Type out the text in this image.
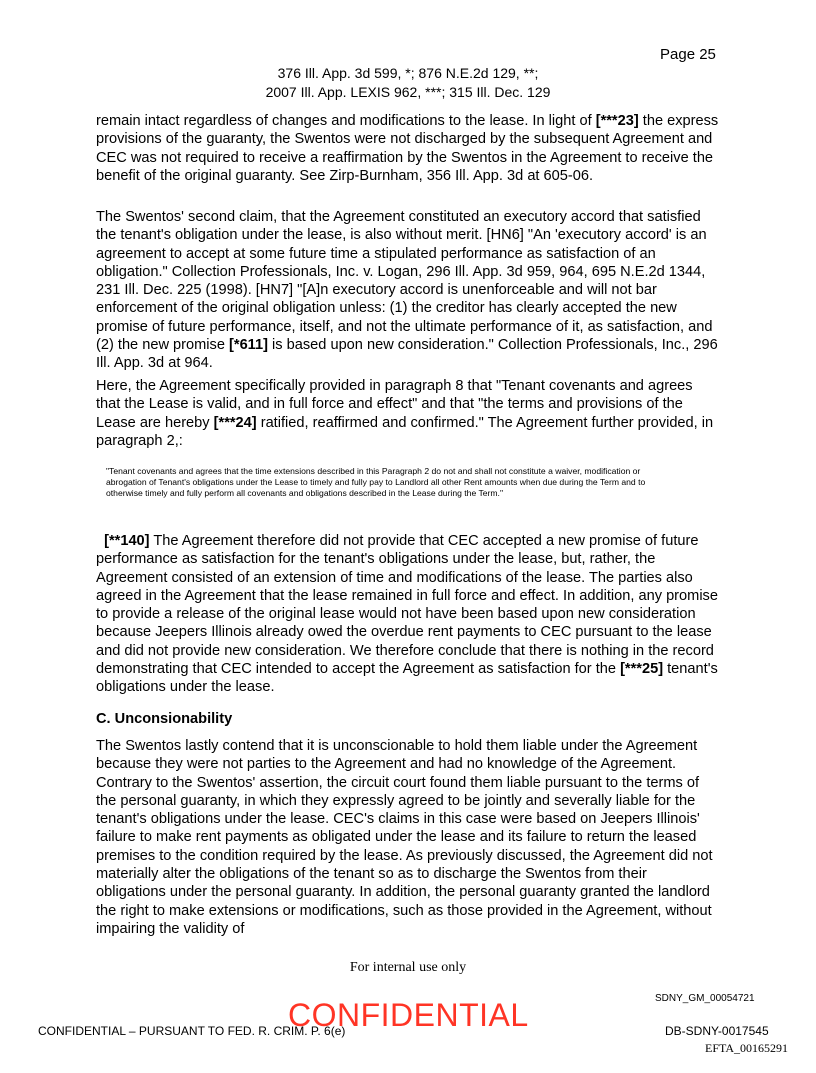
Page 25
376 Ill. App. 3d 599, *; 876 N.E.2d 129, **;
2007 Ill. App. LEXIS 962, ***; 315 Ill. Dec. 129

remain intact regardless of changes and modifications to the lease. In light of [***23] the express provisions of the guaranty, the Swentos were not discharged by the subsequent Agreement and CEC was not required to receive a reaffirmation by the Swentos in the Agreement to receive the benefit of the original guaranty. See Zirp-Burnham, 356 Ill. App. 3d at 605-06.

The Swentos' second claim, that the Agreement constituted an executory accord that satisfied the tenant's obligation under the lease, is also without merit. [HN6] "An 'executory accord' is an agreement to accept at some future time a stipulated performance as satisfaction of an obligation." Collection Professionals, Inc. v. Logan, 296 Ill. App. 3d 959, 964, 695 N.E.2d 1344, 231 Ill. Dec. 225 (1998). [HN7] "[A]n executory accord is unenforceable and will not bar enforcement of the original obligation unless: (1) the creditor has clearly accepted the new promise of future performance, itself, and not the ultimate performance of it, as satisfaction, and (2) the new promise [*611] is based upon new consideration." Collection Professionals, Inc., 296 Ill. App. 3d at 964.

Here, the Agreement specifically provided in paragraph 8 that "Tenant covenants and agrees that the Lease is valid, and in full force and effect" and that "the terms and provisions of the Lease are hereby [***24] ratified, reaffirmed and confirmed." The Agreement further provided, in paragraph 2,:

"Tenant covenants and agrees that the time extensions described in this Paragraph 2 do not and shall not constitute a waiver, modification or abrogation of Tenant's obligations under the Lease to timely and fully pay to Landlord all other Rent amounts when due during the Term and to otherwise timely and fully perform all covenants and obligations described in the Lease during the Term."

[**140] The Agreement therefore did not provide that CEC accepted a new promise of future performance as satisfaction for the tenant's obligations under the lease, but, rather, the Agreement consisted of an extension of time and modifications of the lease. The parties also agreed in the Agreement that the lease remained in full force and effect. In addition, any promise to provide a release of the original lease would not have been based upon new consideration because Jeepers Illinois already owed the overdue rent payments to CEC pursuant to the lease and did not provide new consideration. We therefore conclude that there is nothing in the record demonstrating that CEC intended to accept the Agreement as satisfaction for the [***25] tenant's obligations under the lease.

C. Unconsionability

The Swentos lastly contend that it is unconscionable to hold them liable under the Agreement because they were not parties to the Agreement and had no knowledge of the Agreement. Contrary to the Swentos' assertion, the circuit court found them liable pursuant to the terms of the personal guaranty, in which they expressly agreed to be jointly and severally liable for the tenant's obligations under the lease. CEC's claims in this case were based on Jeepers Illinois' failure to make rent payments as obligated under the lease and its failure to return the leased premises to the condition required by the lease. As previously discussed, the Agreement did not materially alter the obligations of the tenant so as to discharge the Swentos from their obligations under the personal guaranty. In addition, the personal guaranty granted the landlord the right to make extensions or modifications, such as those provided in the Agreement, without impairing the validity of

For internal use only
SDNY_GM_00054721
CONFIDENTIAL – PURSUANT TO FED. R. CRIM. P. 6(e)
CONFIDENTIAL	DB-SDNY-0017545
EFTA_00165291
